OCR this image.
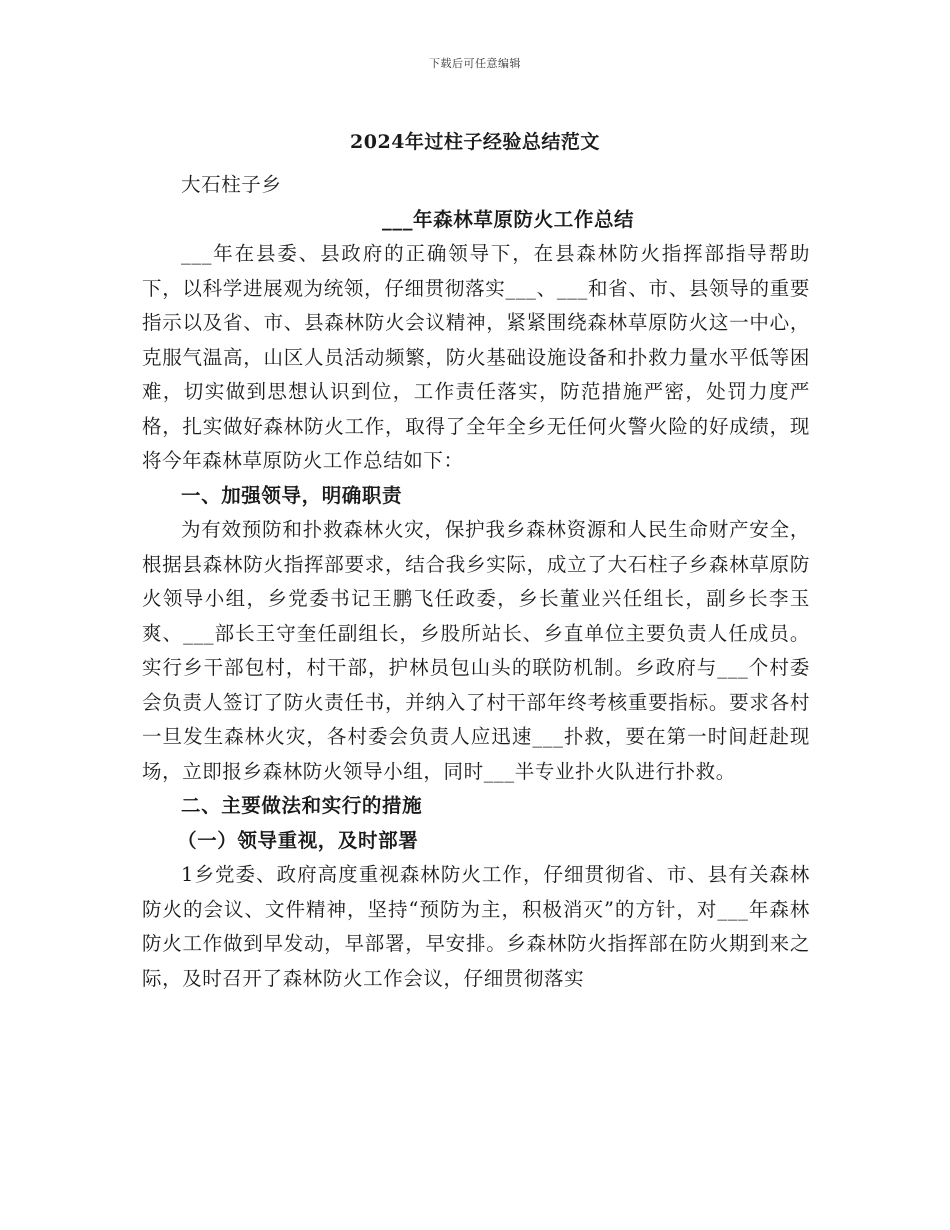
下载后可任意编辑
2024年过柱子经验总结范文

大石柱子乡

___年森林草原防火工作总结

___年在县委、县政府的正确领导下，在县森林防火指挥部指导帮助下，以科学进展观为统领，仔细贯彻落实___、___和省、市、县领导的重要指示以及省、市、县森林防火会议精神，紧紧围绕森林草原防火这一中心，克服气温高，山区人员活动频繁，防火基础设施设备和扑救力量水平低等困难，切实做到思想认识到位，工作责任落实，防范措施严密，处罚力度严格，扎实做好森林防火工作，取得了全年全乡无任何火警火险的好成绩，现将今年森林草原防火工作总结如下：

一、加强领导，明确职责

为有效预防和扑救森林火灾，保护我乡森林资源和人民生命财产安全，根据县森林防火指挥部要求，结合我乡实际，成立了大石柱子乡森林草原防火领导小组，乡党委书记王鹏飞任政委，乡长董业兴任组长，副乡长李玉爽、___部长王守奎任副组长，乡股所站长、乡直单位主要负责人任成员。实行乡干部包村，村干部，护林员包山头的联防机制。乡政府与___个村委会负责人签订了防火责任书，并纳入了村干部年终考核重要指标。要求各村一旦发生森林火灾，各村委会负责人应迅速___扑救，要在第一时间赶赴现场，立即报乡森林防火领导小组，同时___半专业扑火队进行扑救。

二、主要做法和实行的措施

（一）领导重视，及时部署

1乡党委、政府高度重视森林防火工作，仔细贯彻省、市、县有关森林防火的会议、文件精神，坚持“预防为主，积极消灭”的方针，对___年森林防火工作做到早发动，早部署，早安排。乡森林防火指挥部在防火期到来之际，及时召开了森林防火工作会议，仔细贯彻落实
